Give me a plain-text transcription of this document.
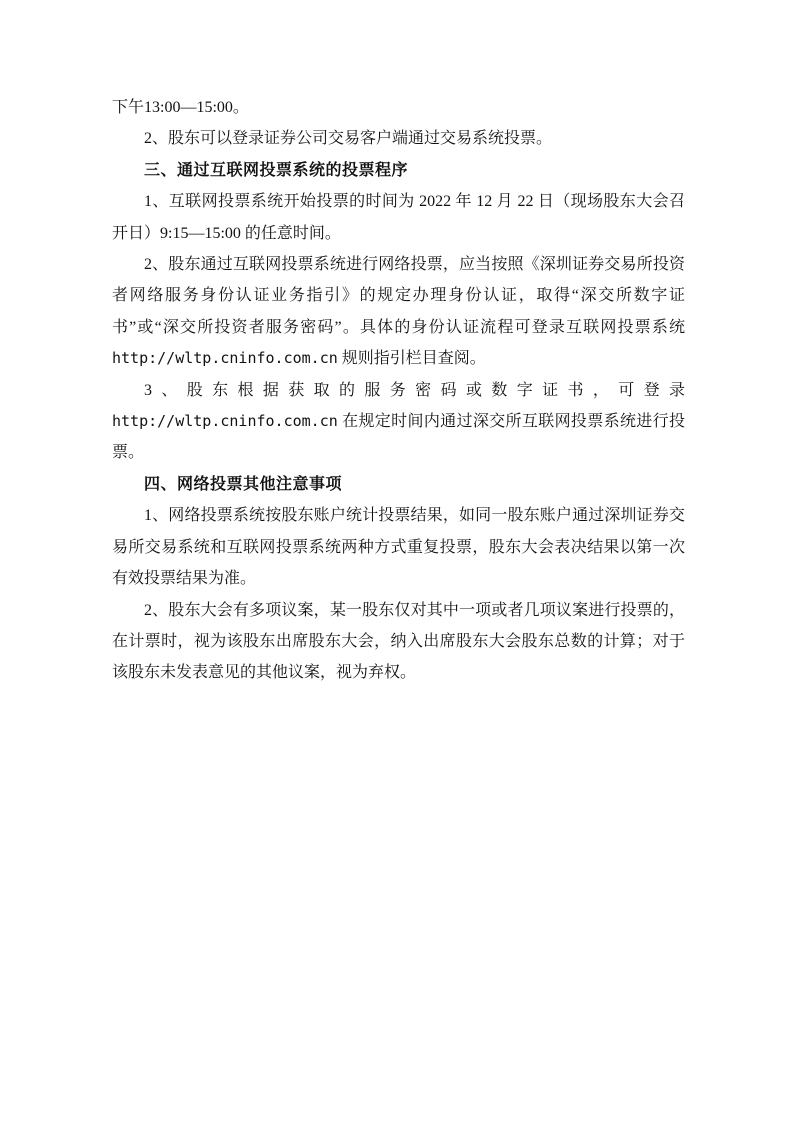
下午13:00—15:00。

2、股东可以登录证券公司交易客户端通过交易系统投票。

三、通过互联网投票系统的投票程序

1、互联网投票系统开始投票的时间为 2022 年 12 月 22 日（现场股东大会召开日）9:15—15:00 的任意时间。

2、股东通过互联网投票系统进行网络投票，应当按照《深圳证券交易所投资者网络服务身份认证业务指引》的规定办理身份认证，取得“深交所数字证书”或“深交所投资者服务密码”。具体的身份认证流程可登录互联网投票系统 http://wltp.cninfo.com.cn 规则指引栏目查阅。

3、股东根据获取的服务密码或数字证书，可登录 http://wltp.cninfo.com.cn 在规定时间内通过深交所互联网投票系统进行投票。

四、网络投票其他注意事项

1、网络投票系统按股东账户统计投票结果，如同一股东账户通过深圳证券交易所交易系统和互联网投票系统两种方式重复投票，股东大会表决结果以第一次有效投票结果为准。

2、股东大会有多项议案，某一股东仅对其中一项或者几项议案进行投票的，在计票时，视为该股东出席股东大会，纳入出席股东大会股东总数的计算；对于该股东未发表意见的其他议案，视为弃权。
